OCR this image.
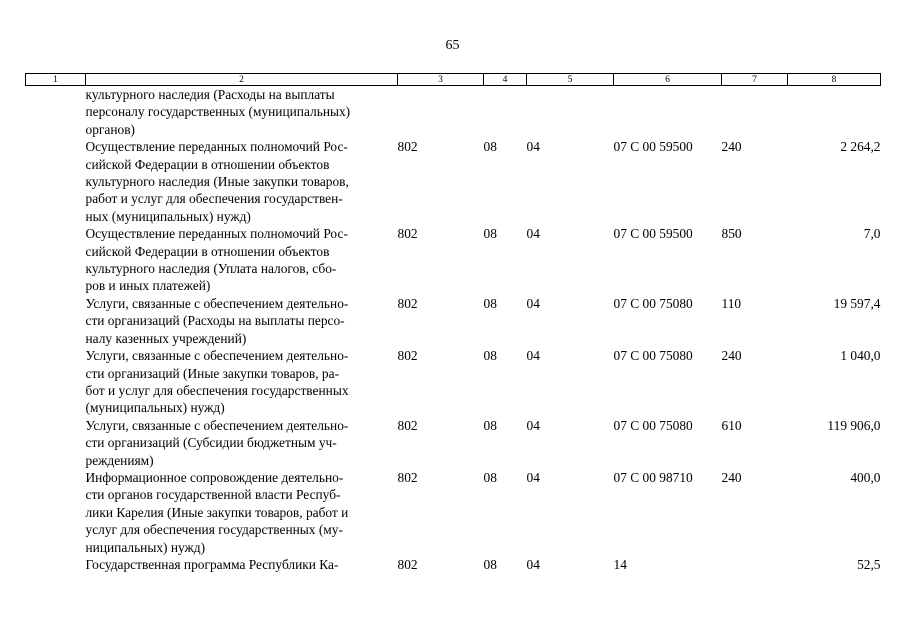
65
1	2	3	4	5	6	7	8

	культурного наследия (Расходы на выплаты
персоналу государственных (муниципальных)
органов)						

	Осуществление переданных полномочий Рос-
сийской Федерации в отношении объектов
культурного наследия (Иные закупки товаров,
работ и услуг для обеспечения государствен-
ных (муниципальных) нужд)	802	08	04	07 С 00 59500	240	2 264,2

	Осуществление переданных полномочий Рос-
сийской Федерации в отношении объектов
культурного наследия (Уплата налогов, сбо-
ров и иных платежей)	802	08	04	07 С 00 59500	850	7,0

	Услуги, связанные с обеспечением деятельно-
сти организаций (Расходы на выплаты персо-
налу казенных учреждений)	802	08	04	07 С 00 75080	110	19 597,4

	Услуги, связанные с обеспечением деятельно-
сти организаций (Иные закупки товаров, ра-
бот и услуг для обеспечения государственных
(муниципальных) нужд)	802	08	04	07 С 00 75080	240	1 040,0

	Услуги, связанные с обеспечением деятельно-
сти организаций (Субсидии бюджетным уч-
реждениям)	802	08	04	07 С 00 75080	610	119 906,0

	Информационное сопровождение деятельно-
сти органов государственной власти Респуб-
лики Карелия (Иные закупки товаров, работ и
услуг для обеспечения государственных (му-
ниципальных) нужд)	802	08	04	07 С 00 98710	240	400,0

	Государственная программа Республики Ка-	802	08	04	14		52,5
